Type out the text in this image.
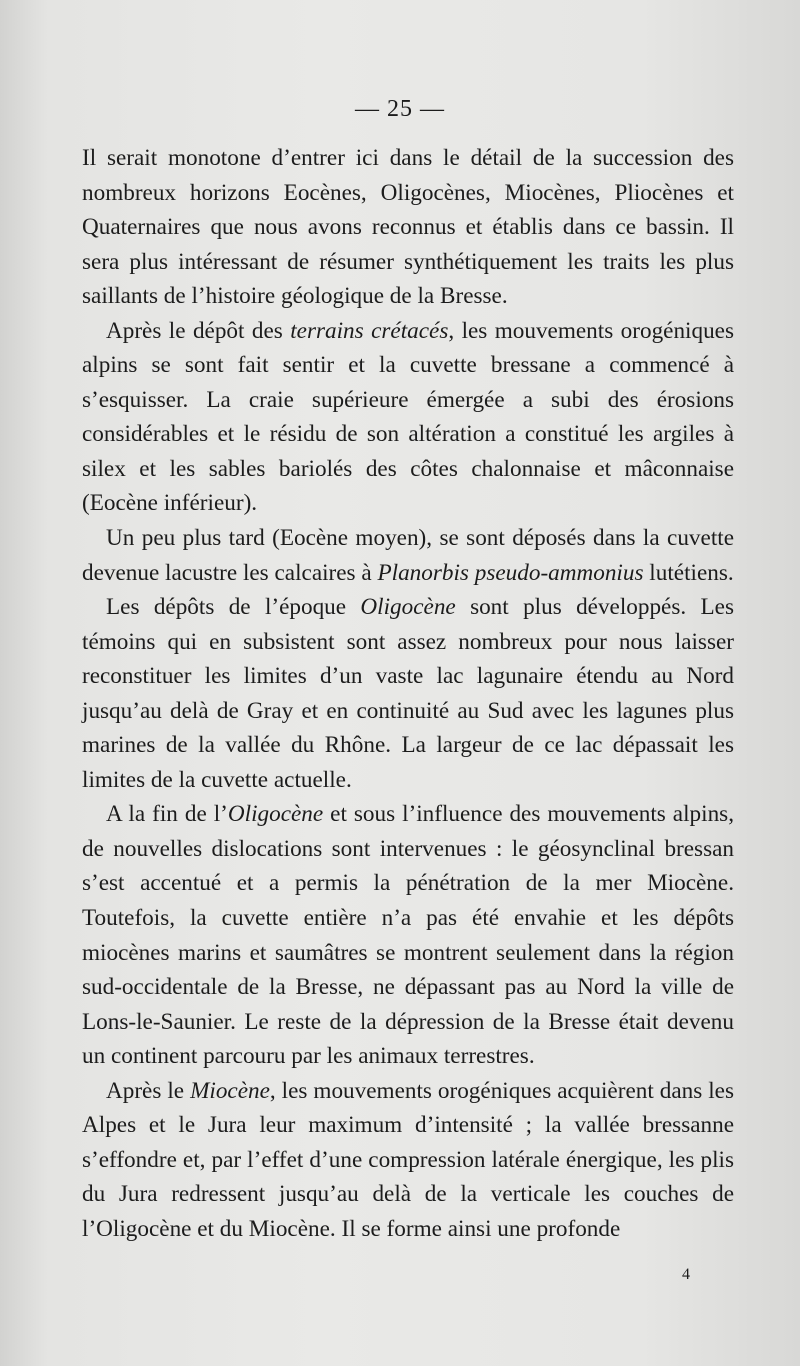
— 25 —

Il serait monotone d’entrer ici dans le détail de la succession des nombreux horizons Eocènes, Oligocènes, Miocènes, Pliocènes et Quaternaires que nous avons reconnus et établis dans ce bassin. Il sera plus intéressant de résumer synthétiquement les traits les plus saillants de l’histoire géologique de la Bresse.

Après le dépôt des terrains crétacés, les mouvements orogéniques alpins se sont fait sentir et la cuvette bressane a commencé à s’esquisser. La craie supérieure émergée a subi des érosions considérables et le résidu de son altération a constitué les argiles à silex et les sables bariolés des côtes chalonnaise et mâconnaise (Eocène inférieur).

Un peu plus tard (Eocène moyen), se sont déposés dans la cuvette devenue lacustre les calcaires à Planorbis pseudo-ammonius lutétiens.

Les dépôts de l’époque Oligocène sont plus développés. Les témoins qui en subsistent sont assez nombreux pour nous laisser reconstituer les limites d’un vaste lac lagunaire étendu au Nord jusqu’au delà de Gray et en continuité au Sud avec les lagunes plus marines de la vallée du Rhône. La largeur de ce lac dépassait les limites de la cuvette actuelle.

A la fin de l’Oligocène et sous l’influence des mouvements alpins, de nouvelles dislocations sont intervenues : le géosynclinal bressan s’est accentué et a permis la pénétration de la mer Miocène. Toutefois, la cuvette entière n’a pas été envahie et les dépôts miocènes marins et saumâtres se montrent seulement dans la région sud-occidentale de la Bresse, ne dépassant pas au Nord la ville de Lons-le-Saunier. Le reste de la dépression de la Bresse était devenu un continent parcouru par les animaux terrestres.

Après le Miocène, les mouvements orogéniques acquièrent dans les Alpes et le Jura leur maximum d’intensité ; la vallée bressanne s’effondre et, par l’effet d’une compression latérale énergique, les plis du Jura redressent jusqu’au delà de la verticale les couches de l’Oligocène et du Miocène. Il se forme ainsi une profonde

4
